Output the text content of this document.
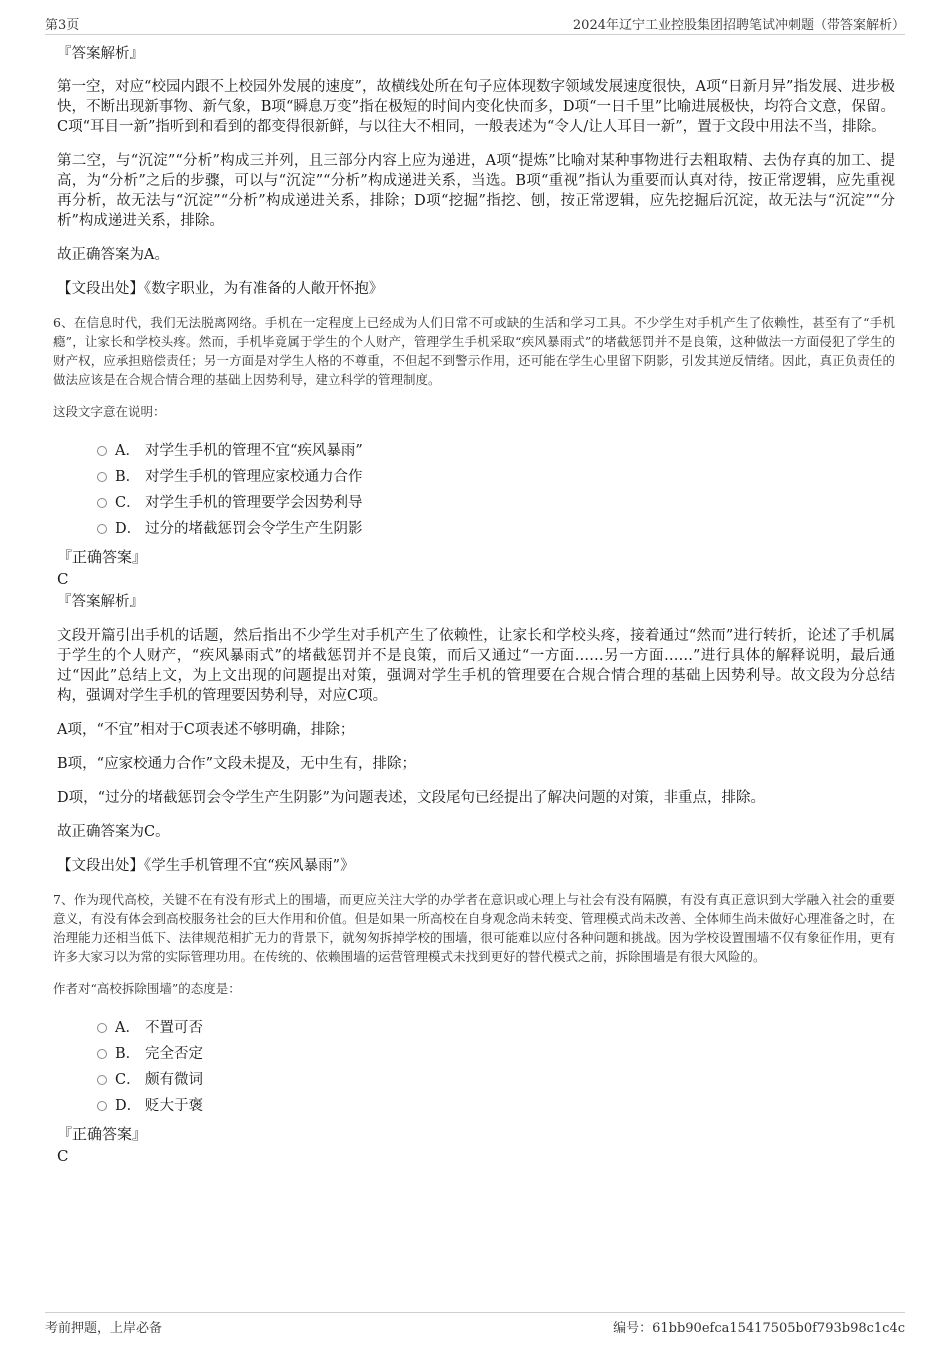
第3页	2024年辽宁工业控股集团招聘笔试冲刺题（带答案解析）
『答案解析』

第一空，对应“校园内跟不上校园外发展的速度”，故横线处所在句子应体现数字领域发展速度很快，A项“日新月异”指发展、进步极快，不断出现新事物、新气象，B项“瞬息万变”指在极短的时间内变化快而多，D项“一日千里”比喻进展极快，均符合文意，保留。C项“耳目一新”指听到和看到的都变得很新鲜，与以往大不相同，一般表述为“令人/让人耳目一新”，置于文段中用法不当，排除。

第二空，与“沉淀”“分析”构成三并列，且三部分内容上应为递进，A项“提炼”比喻对某种事物进行去粗取精、去伪存真的加工、提高，为“分析”之后的步骤，可以与“沉淀”“分析”构成递进关系，当选。B项“重视”指认为重要而认真对待，按正常逻辑，应先重视再分析，故无法与“沉淀”“分析”构成递进关系，排除；D项“挖掘”指挖、刨，按正常逻辑，应先挖掘后沉淀，故无法与“沉淀”“分析”构成递进关系，排除。

故正确答案为A。

【文段出处】《数字职业，为有准备的人敞开怀抱》

6、在信息时代，我们无法脱离网络。手机在一定程度上已经成为人们日常不可或缺的生活和学习工具。不少学生对手机产生了依赖性，甚至有了“手机瘾”，让家长和学校头疼。然而，手机毕竟属于学生的个人财产，管理学生手机采取“疾风暴雨式”的堵截惩罚并不是良策，这种做法一方面侵犯了学生的财产权，应承担赔偿责任；另一方面是对学生人格的不尊重，不但起不到警示作用，还可能在学生心里留下阴影，引发其逆反情绪。因此，真正负责任的做法应该是在合规合情合理的基础上因势利导，建立科学的管理制度。

这段文字意在说明：

A． 对学生手机的管理不宜“疾风暴雨”
B． 对学生手机的管理应家校通力合作
C． 对学生手机的管理要学会因势利导
D． 过分的堵截惩罚会令学生产生阴影
『正确答案』
C
『答案解析』

文段开篇引出手机的话题，然后指出不少学生对手机产生了依赖性，让家长和学校头疼，接着通过“然而”进行转折，论述了手机属于学生的个人财产，“疾风暴雨式”的堵截惩罚并不是良策，而后又通过“一方面……另一方面……”进行具体的解释说明，最后通过“因此”总结上文，为上文出现的问题提出对策，强调对学生手机的管理要在合规合情合理的基础上因势利导。故文段为分总结构，强调对学生手机的管理要因势利导，对应C项。

A项，“不宜”相对于C项表述不够明确，排除；

B项，“应家校通力合作”文段未提及，无中生有，排除；

D项，“过分的堵截惩罚会令学生产生阴影”为问题表述，文段尾句已经提出了解决问题的对策，非重点，排除。

故正确答案为C。

【文段出处】《学生手机管理不宜“疾风暴雨”》

7、作为现代高校，关键不在有没有形式上的围墙，而更应关注大学的办学者在意识或心理上与社会有没有隔膜，有没有真正意识到大学融入社会的重要意义，有没有体会到高校服务社会的巨大作用和价值。但是如果一所高校在自身观念尚未转变、管理模式尚未改善、全体师生尚未做好心理准备之时，在治理能力还相当低下、法律规范相扩无力的背景下，就匆匆拆掉学校的围墙，很可能难以应付各种问题和挑战。因为学校设置围墙不仅有象征作用，更有许多大家习以为常的实际管理功用。在传统的、依赖围墙的运营管理模式未找到更好的替代模式之前，拆除围墙是有很大风险的。

作者对“高校拆除围墙”的态度是：

A． 不置可否
B． 完全否定
C． 颇有微词
D． 贬大于褒
『正确答案』
C
考前押题，上岸必备	编号：61bb90efca15417505b0f793b98c1c4c
